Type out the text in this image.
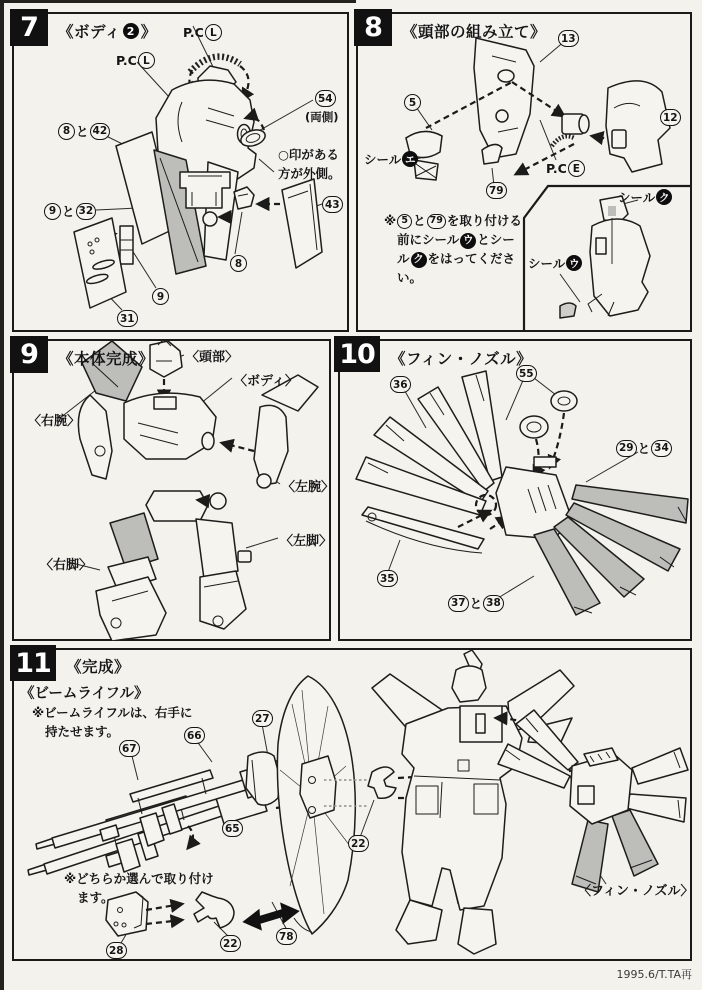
7 《ボディ 2 》 P.C L
P.C L
54
(両側)
○印がある
方が外側。
8 と 42
9 と 32
9
31
8
43
8 《頭部の組み立て》 13
5
12
シール エ
79
P.C E
シール ク
シール ウ
※ 5 と 79 を取り付ける
前にシール ウ とシー
ル ク をはってくださ
い。
9 《本体完成》 〈頭部〉
〈ボディ〉
〈右腕〉
〈左腕〉
〈右脚〉
〈左脚〉
10 《フィン・ノズル》
36
55
29 と 34
35
37 と 38
11 《完成》
《ビームライフル》
※ビームライフルは、右手に
持たせます。
※どちらか選んで取り付け
ます。
67
66
65
27
22
28
22
78
〈フィン・ノズル〉
1995.6/T.TA再
